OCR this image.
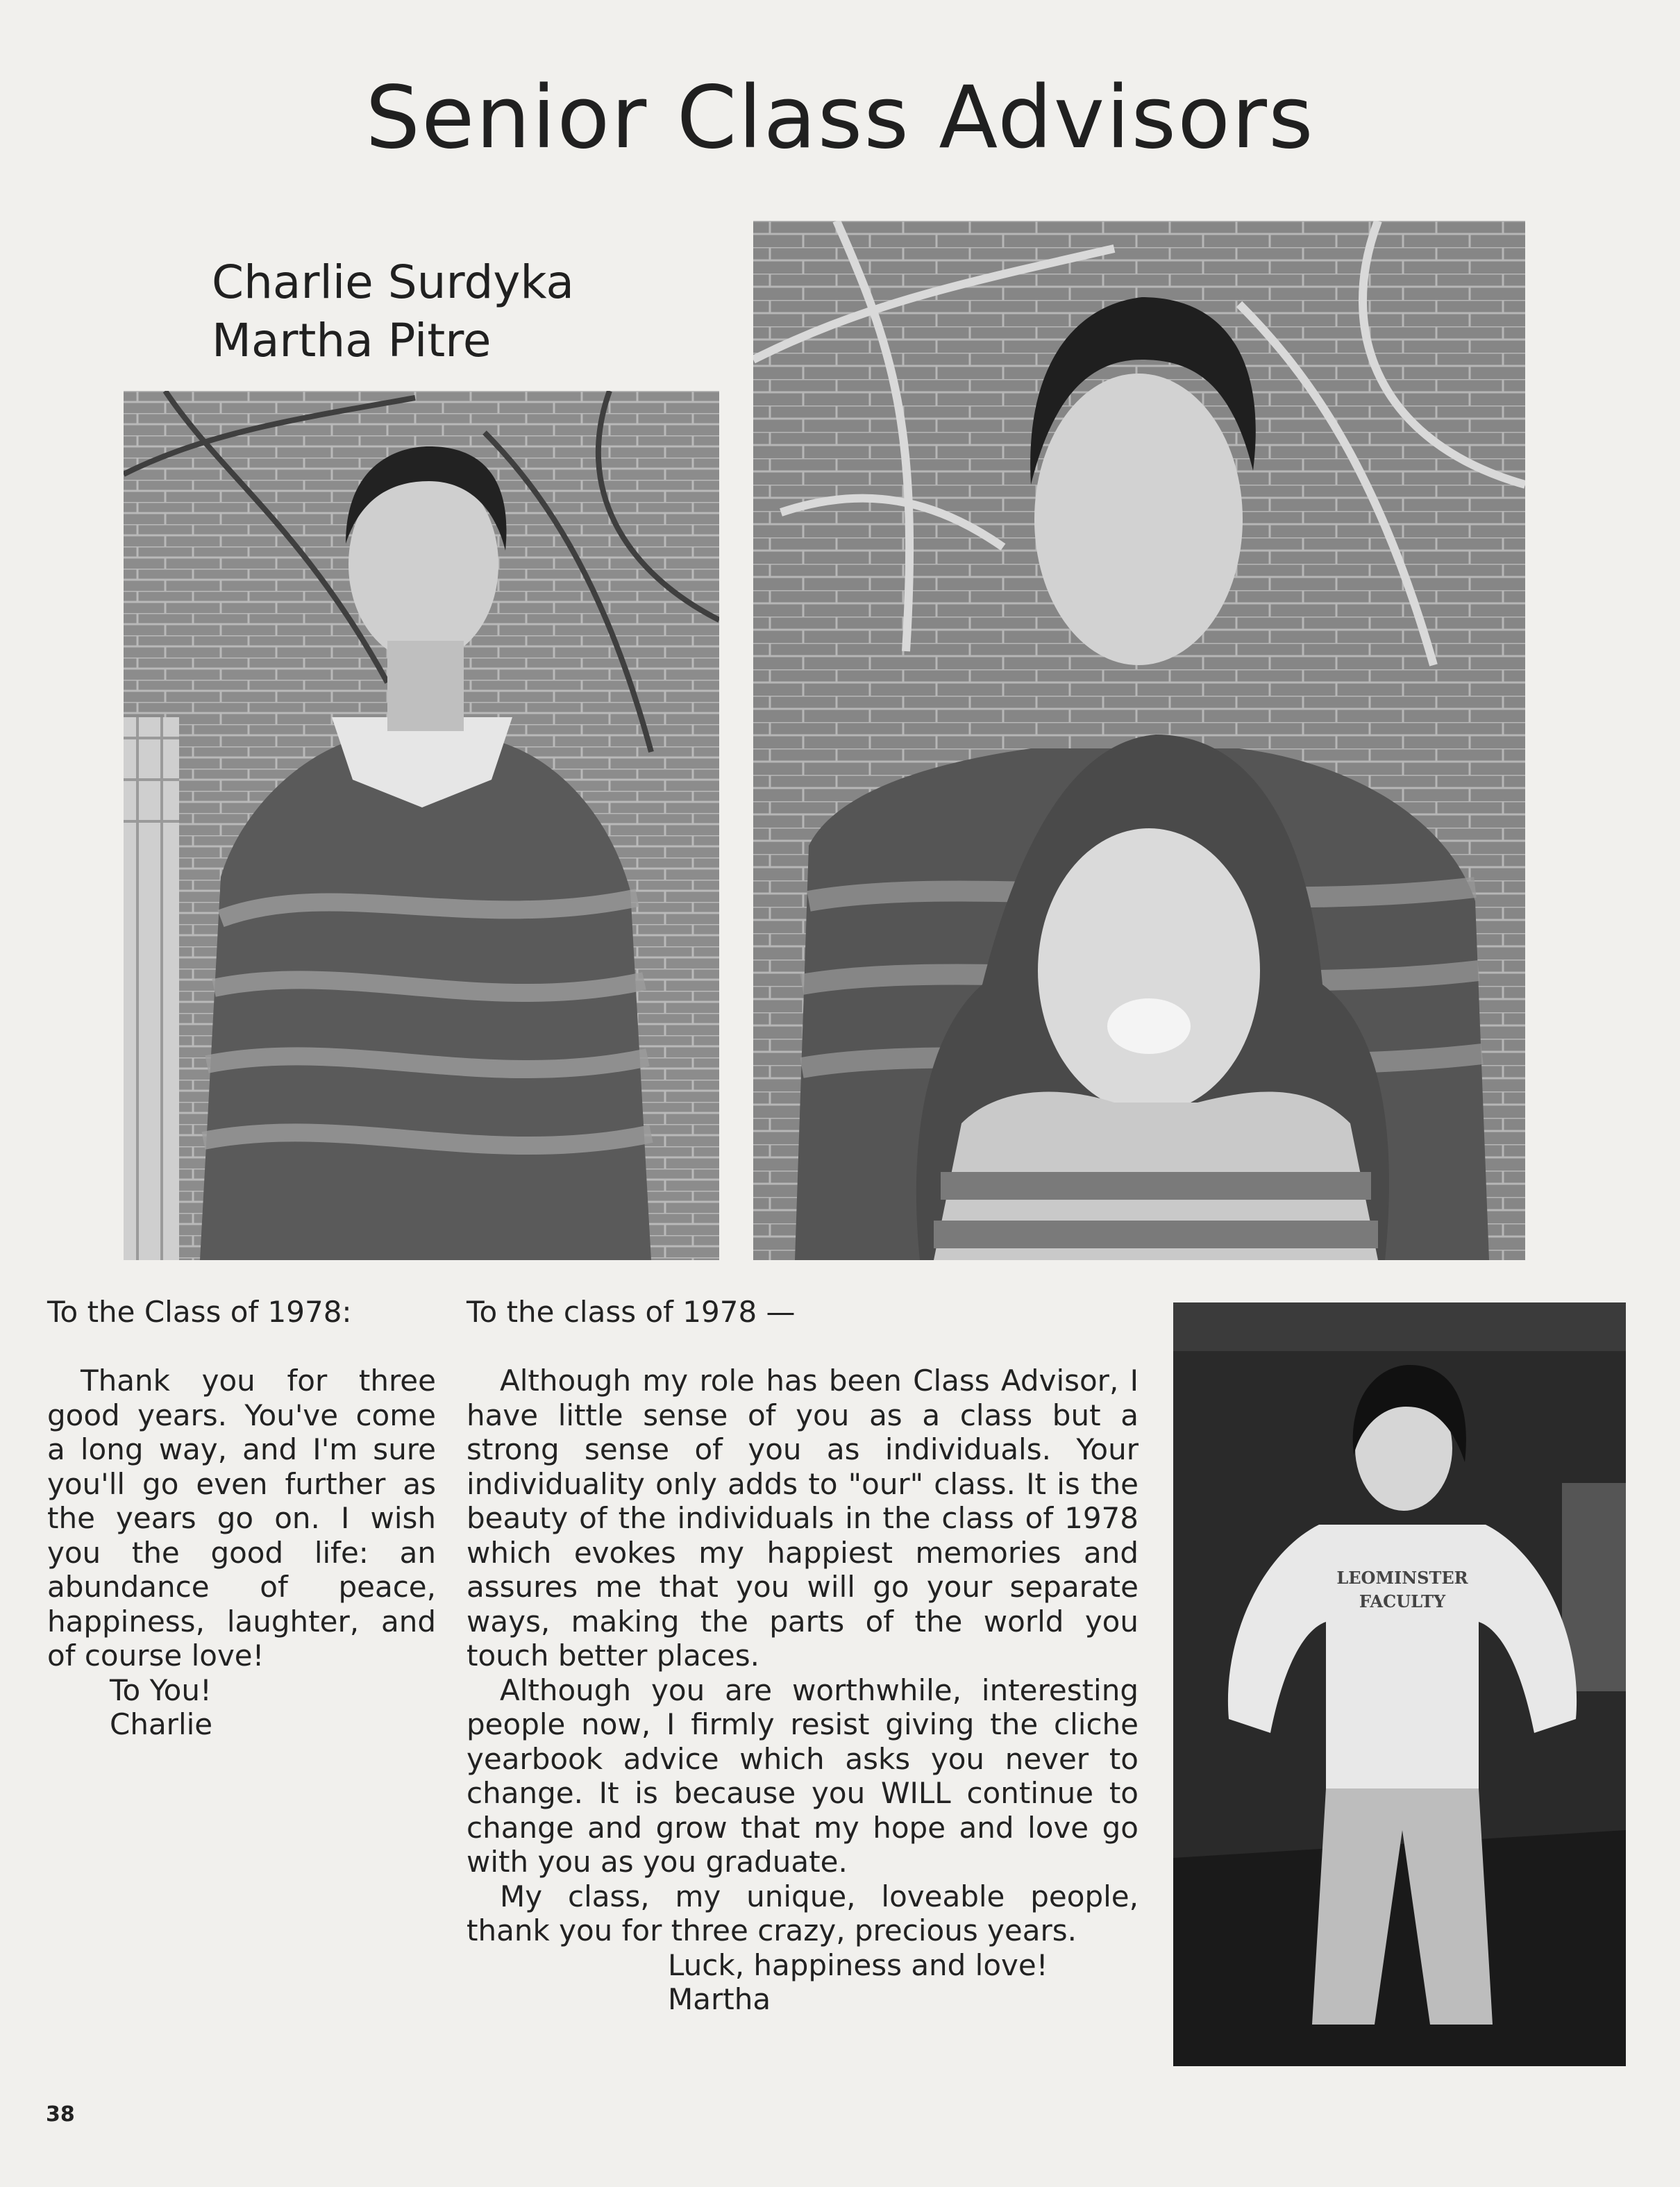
Senior Class Advisors
Charlie Surdyka
Martha Pitre
LEOMINSTER
FACULTY
To the Class of 1978:

Thank you for three good years. You've come a long way, and I'm sure you'll go even further as the years go on. I wish you the good life: an abundance of peace, happiness, laughter, and of course love!

To You!
Charlie
To the class of 1978 —

Although my role has been Class Advisor, I have little sense of you as a class but a strong sense of you as individuals. Your individuality only adds to "our" class. It is the beauty of the individuals in the class of 1978 which evokes my happiest memories and assures me that you will go your separate ways, making the parts of the world you touch better places.

Although you are worthwhile, interesting people now, I firmly resist giving the cliche yearbook advice which asks you never to change. It is because you WILL continue to change and grow that my hope and love go with you as you graduate.

My class, my unique, loveable people, thank you for three crazy, precious years.

Luck, happiness and love!
Martha
38
